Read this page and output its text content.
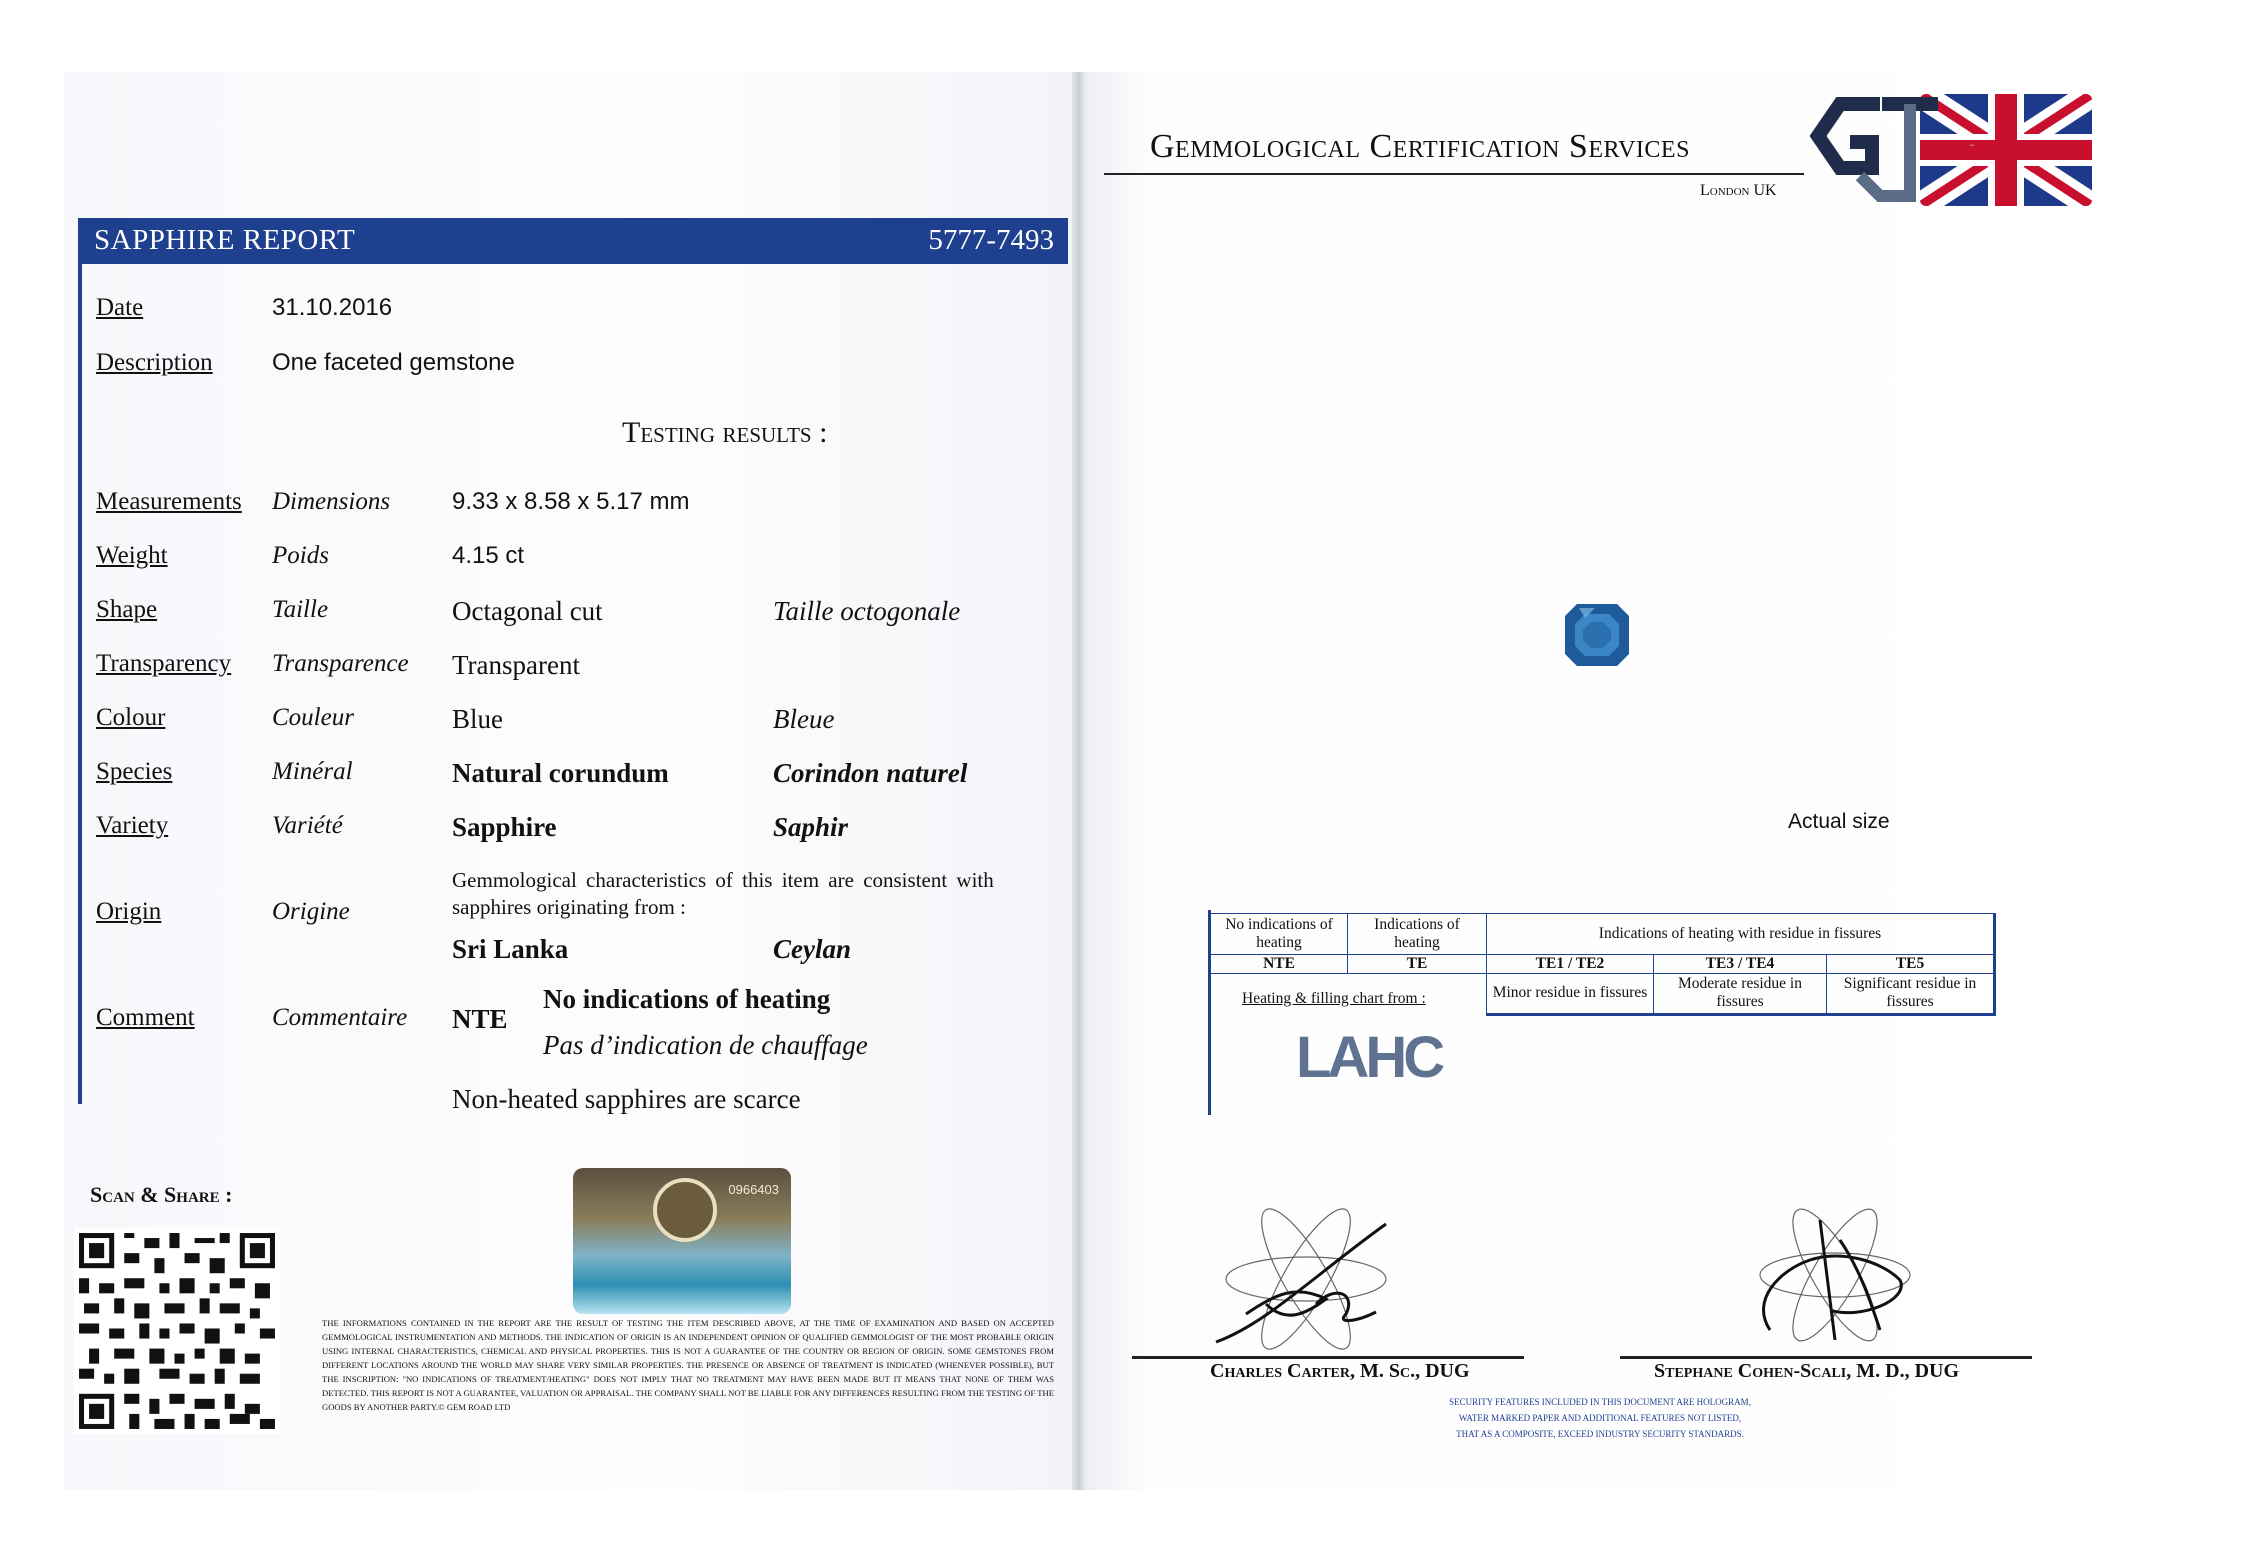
SAPPHIRE REPORT	5777-7493
Date	31.10.2016
Description One faceted gemstone
Testing results :
Measurements Dimensions	9.33 x 8.58 x 5.17 mm
Weight	Poids	4.15 ct
Shape	Taille	Octagonal cut	Taille octogonale
Transparency Transparence Transparent
Colour	Couleur	Blue	Bleue
Species	Minéral	Natural corundum	Corindon naturel
Variety	Variété	Sapphire	Saphir
Origin	Origine
Gemmological characteristics of this item are consistent with
sapphires originating from :
Sri Lanka	Ceylan
Comment	Commentaire NTE
No indications of heating
Pas d’indication de chauffage
Non-heated sapphires are scarce
Scan & Share :	0966403
THE INFORMATIONS CONTAINED IN THE REPORT ARE THE RESULT OF TESTING THE ITEM DESCRIBED ABOVE, AT THE TIME OF EXAMINATION AND BASED ON ACCEPTED GEMMOLOGICAL INSTRUMENTATION AND METHODS. THE INDICATION OF ORIGIN IS AN INDEPENDENT OPINION OF QUALIFIED GEMMOLOGIST OF THE MOST PROBABLE ORIGIN USING INTERNAL CHARACTERISTICS, CHEMICAL AND PHYSICAL PROPERTIES. THIS IS NOT A GUARANTEE OF THE COUNTRY OR REGION OF ORIGIN. SOME GEMSTONES FROM DIFFERENT LOCATIONS AROUND THE WORLD MAY SHARE VERY SIMILAR PROPERTIES. THE PRESENCE OR ABSENCE OF TREATMENT IS INDICATED (WHENEVER POSSIBLE), BUT THE INSCRIPTION: "NO INDICATIONS OF TREATMENT/HEATING" DOES NOT IMPLY THAT NO TREATMENT MAY HAVE BEEN MADE BUT IT MEANS THAT NONE OF THEM WAS DETECTED. THIS REPORT IS NOT A GUARANTEE, VALUATION OR APPRAISAL. THE COMPANY SHALL NOT BE LIABLE FOR ANY DIFFERENCES RESULTING FROM THE TESTING OF THE GOODS BY ANOTHER PARTY.© GEM ROAD LTD
Gemmological Certification Services
London UK
GCS
Actual size
No indications of heating	Indications of heating	Indications of heating with residue in fissures		
NTE	TE	TE1 / TE2	TE3 / TE4	TE5
		Minor residue in fissures	Moderate residue in fissures	Significant residue in fissures
Heating & filling chart from :
LAHC
Charles Carter, M. Sc., DUG	Stephane Cohen-Scali, M. D., DUG
SECURITY FEATURES INCLUDED IN THIS DOCUMENT ARE HOLOGRAM,
WATER MARKED PAPER AND ADDITIONAL FEATURES NOT LISTED,
THAT AS A COMPOSITE, EXCEED INDUSTRY SECURITY STANDARDS.
